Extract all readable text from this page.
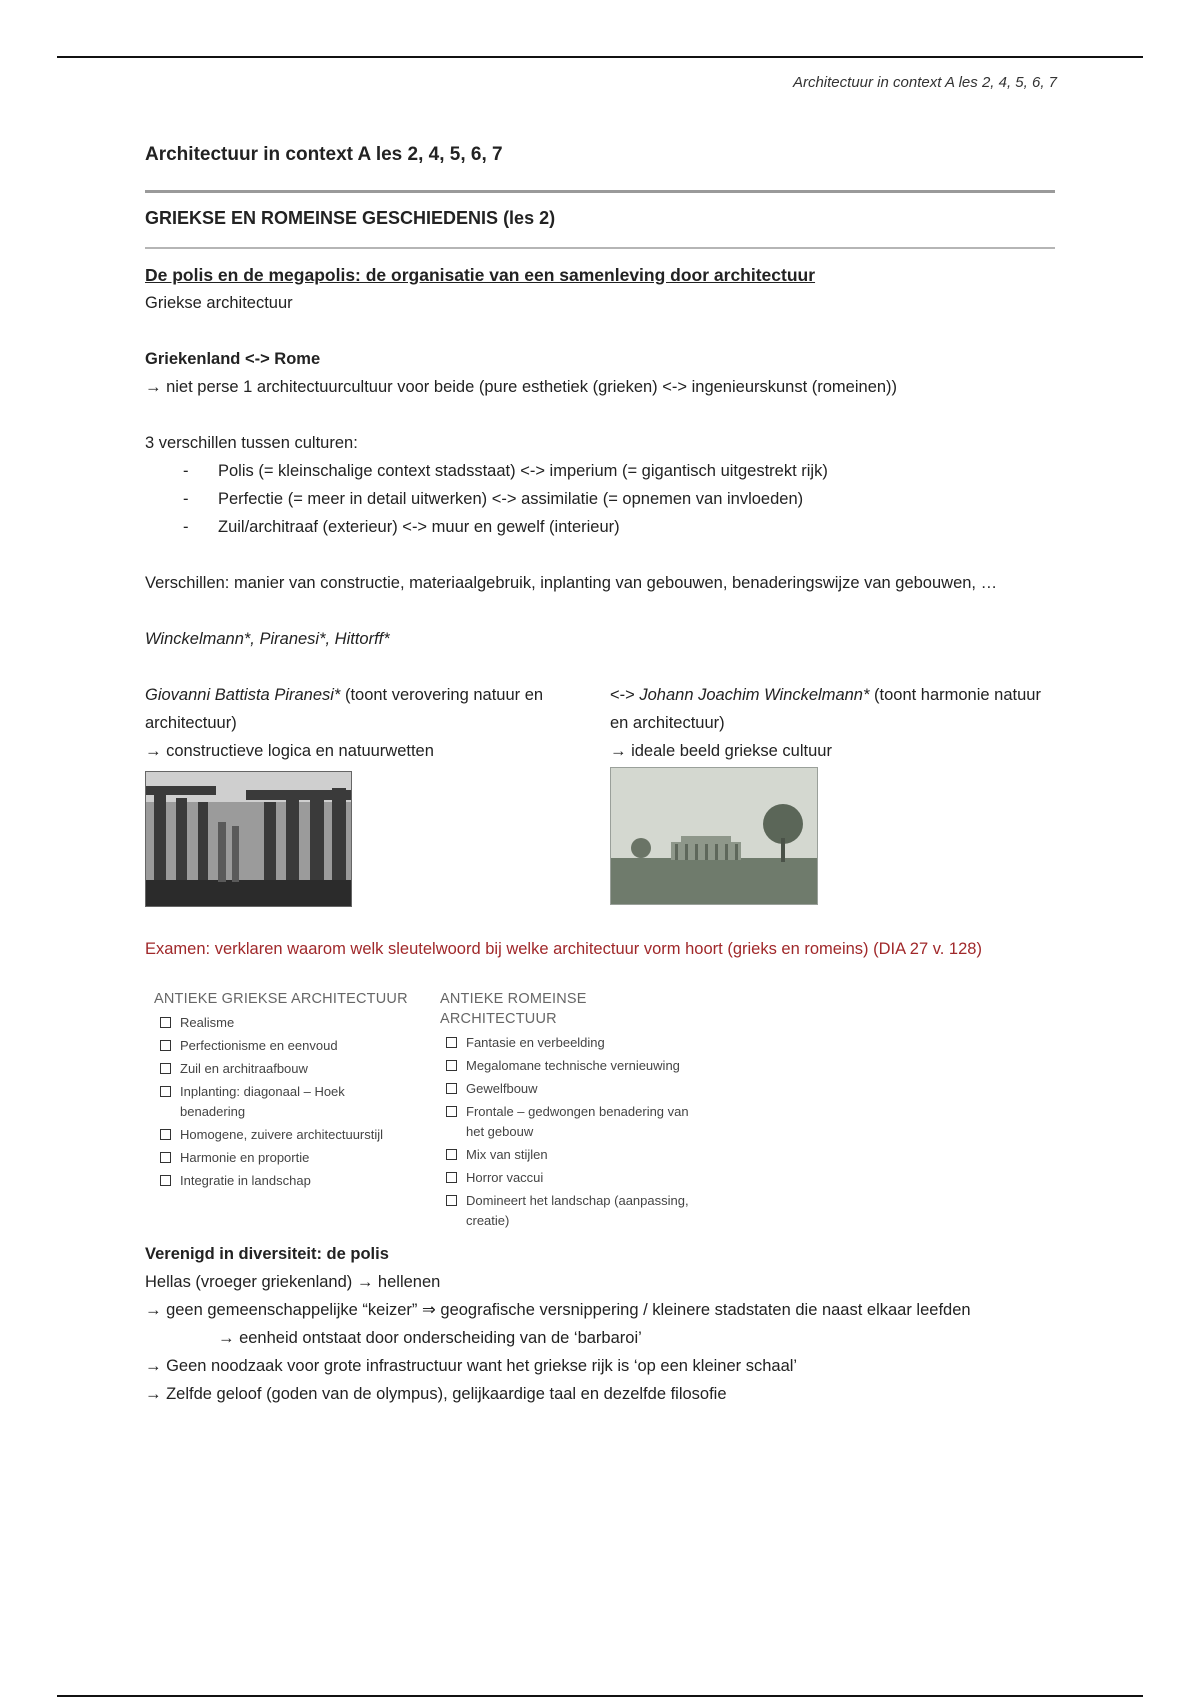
Architectuur in context A les 2, 4, 5, 6, 7

Architectuur in context A les 2, 4, 5, 6, 7

GRIEKSE EN ROMEINSE GESCHIEDENIS (les 2)

De polis en de megapolis: de organisatie van een samenleving door architectuur

Griekse architectuur

Griekenland <-> Rome

→ niet perse 1 architectuurcultuur voor beide (pure esthetiek (grieken) <-> ingenieurskunst (romeinen))

3 verschillen tussen culturen:

- Polis (= kleinschalige context stadsstaat) <-> imperium (= gigantisch uitgestrekt rijk)
- Perfectie (= meer in detail uitwerken) <-> assimilatie (= opnemen van invloeden)
- Zuil/architraaf (exterieur) <-> muur en gewelf (interieur)

Verschillen: manier van constructie, materiaalgebruik, inplanting van gebouwen, benaderingswijze van gebouwen, …

Winckelmann*, Piranesi*, Hittorff*

Giovanni Battista Piranesi* (toont verovering natuur en architectuur)

→ constructieve logica en natuurwetten

<-> Johann Joachim Winckelmann* (toont harmonie natuur en architectuur)

→ ideale beeld griekse cultuur

Examen: verklaren waarom welk sleutelwoord bij welke architectuur vorm hoort (grieks en romeins) (DIA 27 v. 128)

ANTIEKE GRIEKSE ARCHITECTUUR
Realisme
Perfectionisme en eenvoud
Zuil en architraafbouw
Inplanting: diagonaal – Hoek benadering
Homogene, zuivere architectuurstijl
Harmonie en proportie
Integratie in landschap
ANTIEKE ROMEINSE ARCHITECTUUR
Fantasie en verbeelding
Megalomane technische vernieuwing
Gewelfbouw
Frontale – gedwongen benadering van het gebouw
Mix van stijlen
Horror vaccui
Domineert het landschap (aanpassing, creatie)

Verenigd in diversiteit: de polis

Hellas (vroeger griekenland) → hellenen

→ geen gemeenschappelijke “keizer” ⇒ geografische versnippering / kleinere stadstaten die naast elkaar leefden

→ eenheid ontstaat door onderscheiding van de ‘barbaroi’

→ Geen noodzaak voor grote infrastructuur want het griekse rijk is ‘op een kleiner schaal’

→ Zelfde geloof (goden van de olympus), gelijkaardige taal en dezelfde filosofie
